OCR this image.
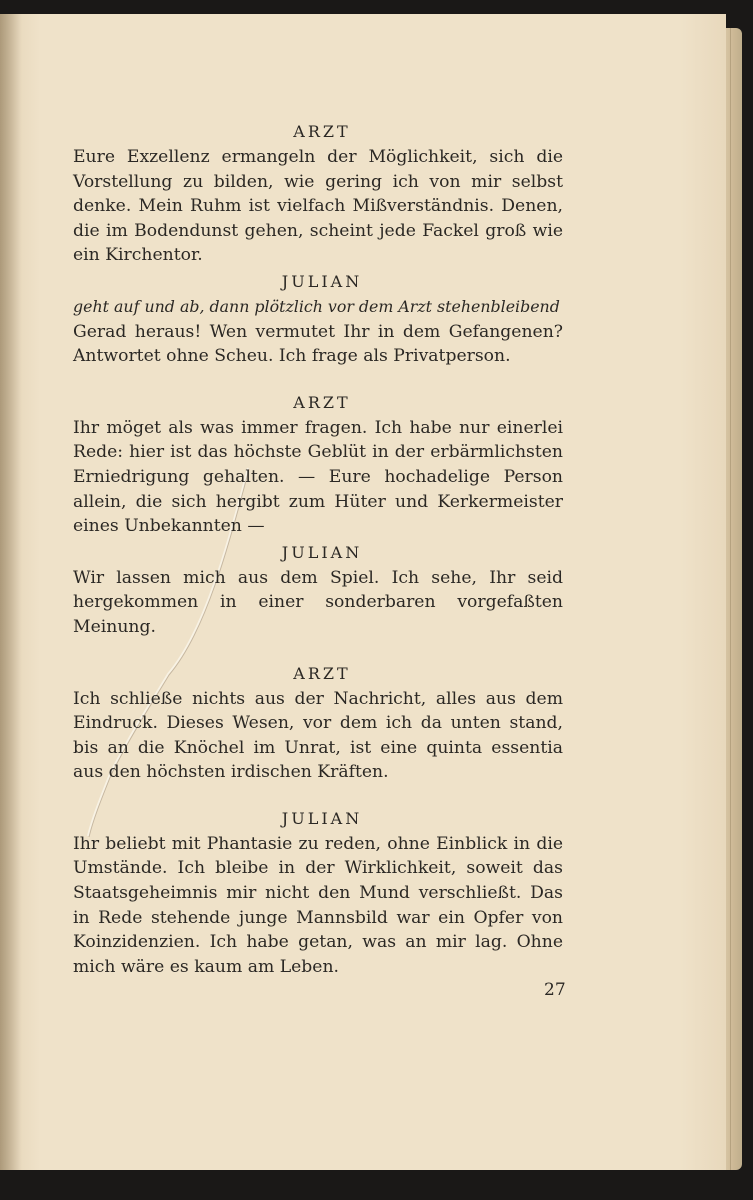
ARZT

Eure Exzellenz ermangeln der Möglichkeit, sich die Vorstellung zu bilden, wie gering ich von mir selbst denke. Mein Ruhm ist vielfach Mißverständnis. Denen, die im Bodendunst gehen, scheint jede Fackel groß wie ein Kirchentor.

JULIAN

geht auf und ab, dann plötzlich vor dem Arzt stehenbleibend

Gerad heraus! Wen vermutet Ihr in dem Gefangenen? Antwortet ohne Scheu. Ich frage als Privatperson.

ARZT

Ihr möget als was immer fragen. Ich habe nur einerlei Rede: hier ist das höchste Geblüt in der erbärmlichsten Erniedrigung gehalten. — Eure hochadelige Person allein, die sich hergibt zum Hüter und Kerkermeister eines Unbekannten —

JULIAN

Wir lassen mich aus dem Spiel. Ich sehe, Ihr seid hergekommen in einer sonderbaren vorgefaßten Meinung.

ARZT

Ich schließe nichts aus der Nachricht, alles aus dem Eindruck. Dieses Wesen, vor dem ich da unten stand, bis an die Knöchel im Unrat, ist eine quinta essentia aus den höchsten irdischen Kräften.

JULIAN

Ihr beliebt mit Phantasie zu reden, ohne Einblick in die Umstände. Ich bleibe in der Wirklichkeit, soweit das Staatsgeheimnis mir nicht den Mund verschließt. Das in Rede stehende junge Mannsbild war ein Opfer von Koinzidenzien. Ich habe getan, was an mir lag. Ohne mich wäre es kaum am Leben.

27
